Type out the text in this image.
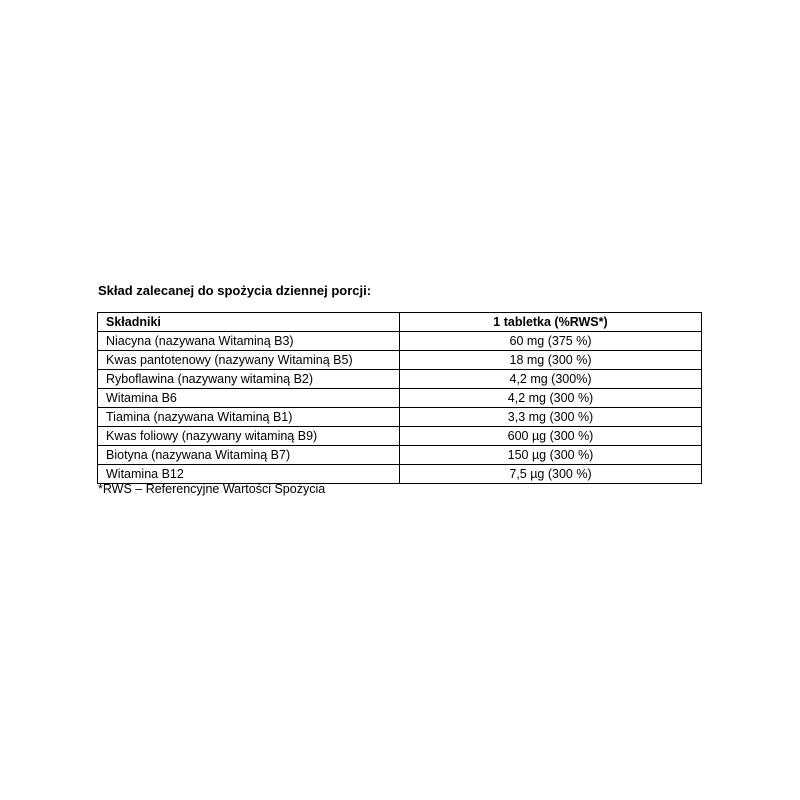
Skład zalecanej do spożycia dziennej porcji:
Składniki	1 tabletka (%RWS*)
Niacyna (nazywana Witaminą B3)	60 mg (375 %)
Kwas pantotenowy (nazywany Witaminą B5)	18 mg (300 %)
Ryboflawina (nazywany witaminą B2)	4,2 mg (300%)
Witamina B6	4,2 mg (300 %)
Tiamina (nazywana Witaminą B1)	3,3 mg (300 %)
Kwas foliowy (nazywany witaminą B9)	600 µg (300 %)
Biotyna (nazywana Witaminą B7)	150 µg (300 %)
Witamina B12	7,5 µg (300 %)
*RWS – Referencyjne Wartości Spożycia
